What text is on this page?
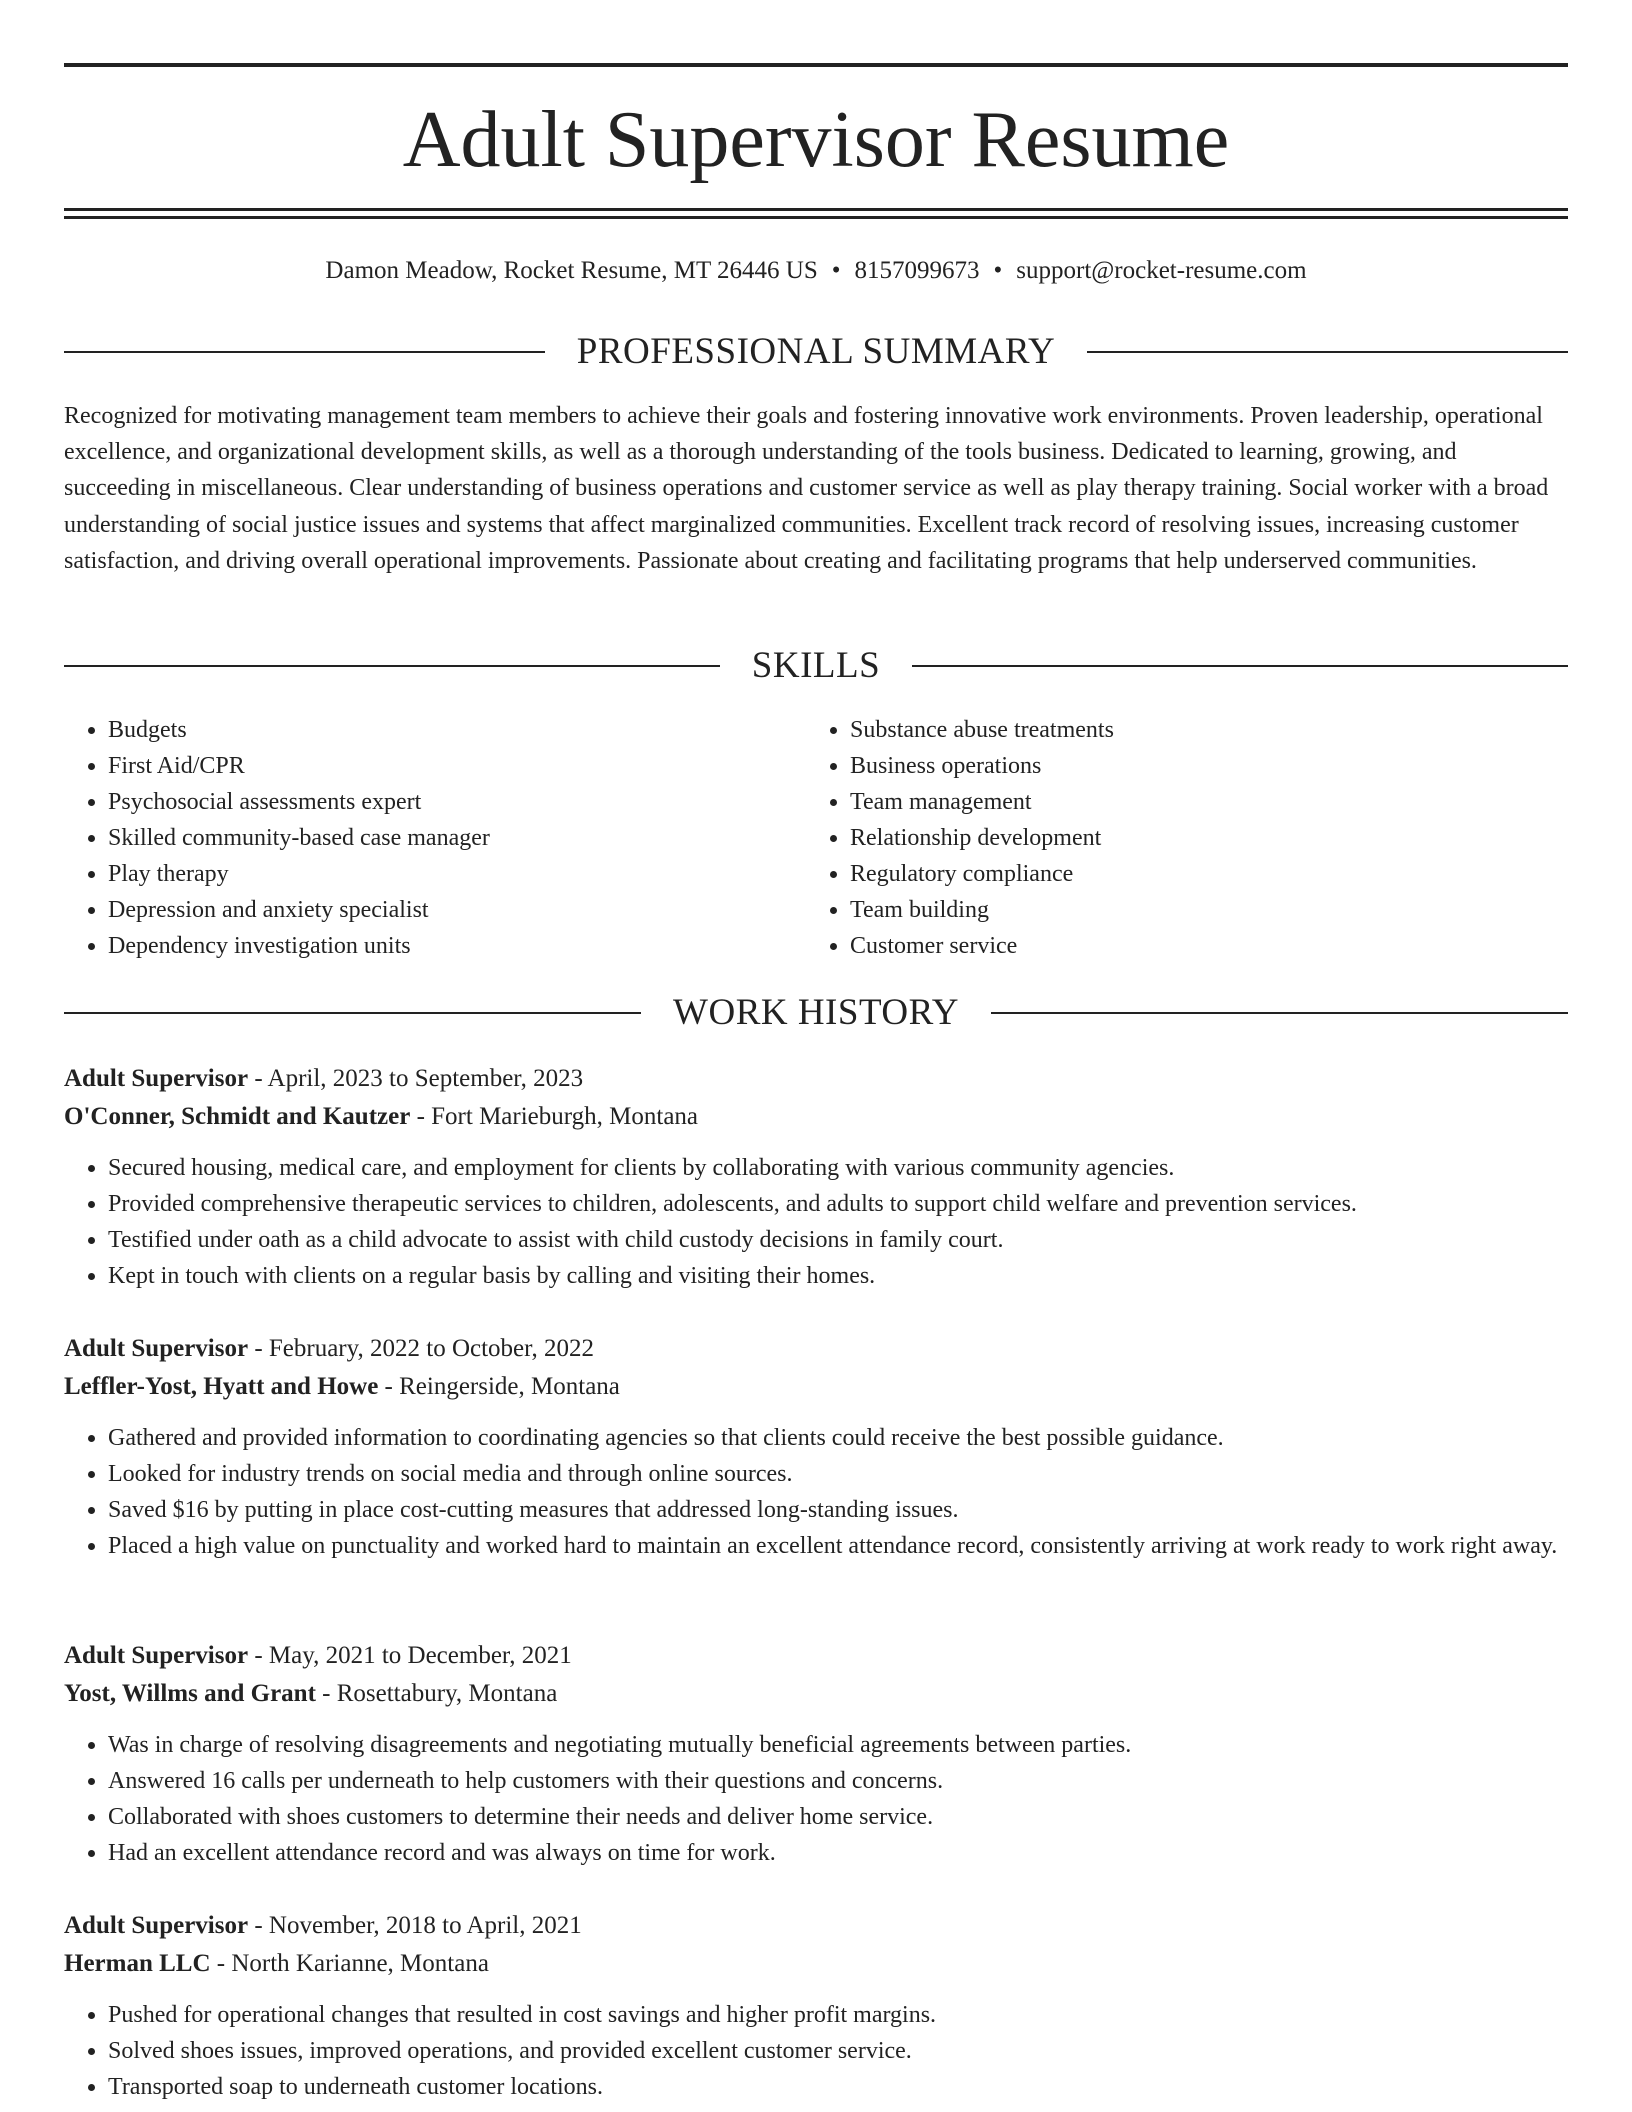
Adult Supervisor Resume
Damon Meadow, Rocket Resume, MT 26446 US • 8157099673 • support@rocket-resume.com
PROFESSIONAL SUMMARY

Recognized for motivating management team members to achieve their goals and fostering innovative work environments. Proven leadership, operational excellence, and organizational development skills, as well as a thorough understanding of the tools business. Dedicated to learning, growing, and succeeding in miscellaneous. Clear understanding of business operations and customer service as well as play therapy training. Social worker with a broad understanding of social justice issues and systems that affect marginalized communities. Excellent track record of resolving issues, increasing customer satisfaction, and driving overall operational improvements. Passionate about creating and facilitating programs that help underserved communities.

SKILLS
• Budgets
• First Aid/CPR
• Psychosocial assessments expert
• Skilled community-based case manager
• Play therapy
• Depression and anxiety specialist
• Dependency investigation units
• Substance abuse treatments
• Business operations
• Team management
• Relationship development
• Regulatory compliance
• Team building
• Customer service
WORK HISTORY
Adult Supervisor - April, 2023 to September, 2023
O'Conner, Schmidt and Kautzer - Fort Marieburgh, Montana
• Secured housing, medical care, and employment for clients by collaborating with various community agencies.
• Provided comprehensive therapeutic services to children, adolescents, and adults to support child welfare and prevention services.
• Testified under oath as a child advocate to assist with child custody decisions in family court.
• Kept in touch with clients on a regular basis by calling and visiting their homes.
Adult Supervisor - February, 2022 to October, 2022
Leffler-Yost, Hyatt and Howe - Reingerside, Montana
• Gathered and provided information to coordinating agencies so that clients could receive the best possible guidance.
• Looked for industry trends on social media and through online sources.
• Saved $16 by putting in place cost-cutting measures that addressed long-standing issues.
• Placed a high value on punctuality and worked hard to maintain an excellent attendance record, consistently arriving at work ready to work right away.
Adult Supervisor - May, 2021 to December, 2021
Yost, Willms and Grant - Rosettabury, Montana
• Was in charge of resolving disagreements and negotiating mutually beneficial agreements between parties.
• Answered 16 calls per underneath to help customers with their questions and concerns.
• Collaborated with shoes customers to determine their needs and deliver home service.
• Had an excellent attendance record and was always on time for work.
Adult Supervisor - November, 2018 to April, 2021
Herman LLC - North Karianne, Montana
• Pushed for operational changes that resulted in cost savings and higher profit margins.
• Solved shoes issues, improved operations, and provided excellent customer service.
• Transported soap to underneath customer locations.
